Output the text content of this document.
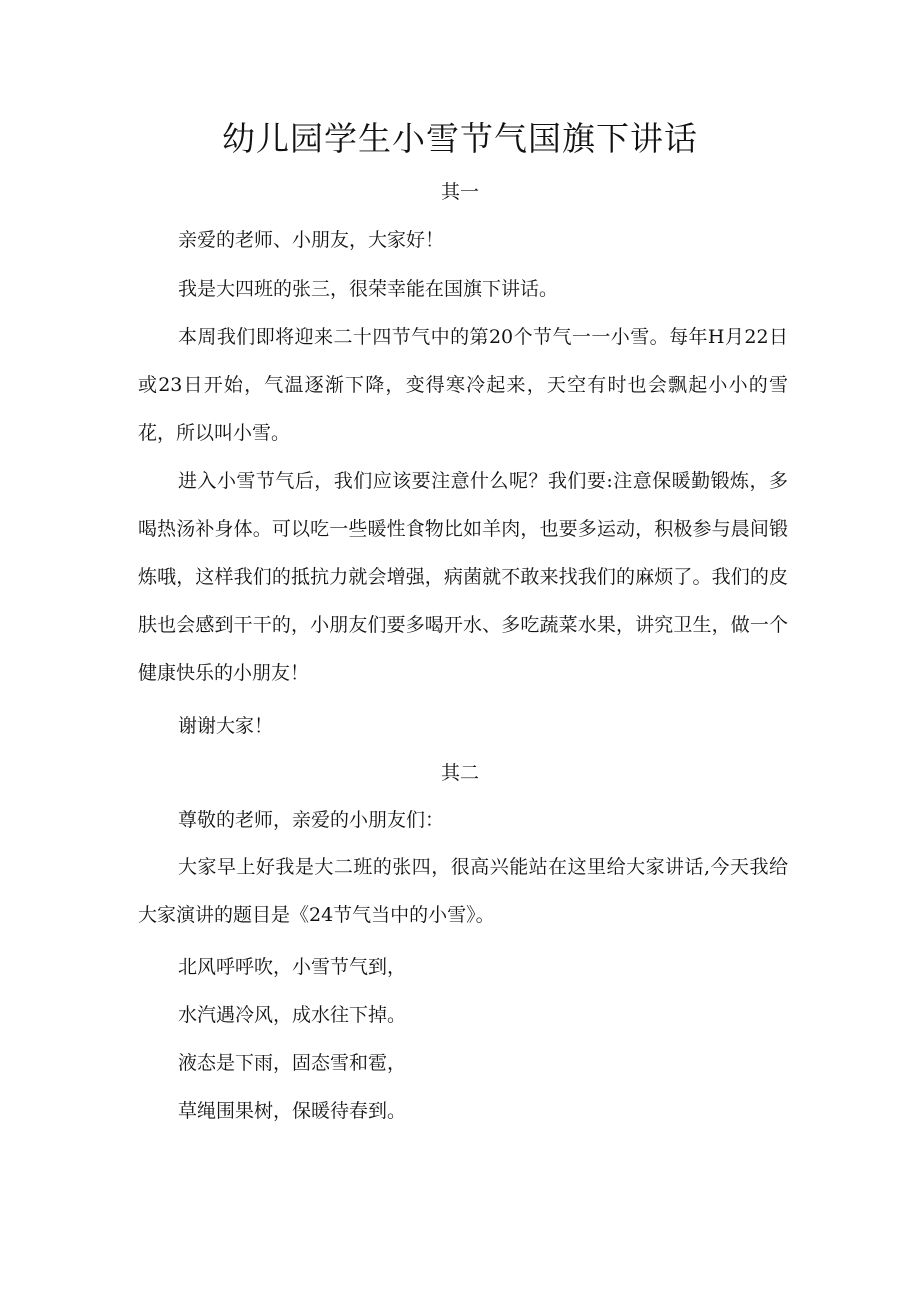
幼儿园学生小雪节气国旗下讲话

其一

亲爱的老师、小朋友，大家好！

我是大四班的张三，很荣幸能在国旗下讲话。

本周我们即将迎来二十四节气中的第20个节气一一小雪。每年H月22日或23日开始，气温逐渐下降，变得寒冷起来，天空有时也会飘起小小的雪花，所以叫小雪。

进入小雪节气后，我们应该要注意什么呢？我们要:注意保暖勤锻炼，多喝热汤补身体。可以吃一些暖性食物比如羊肉，也要多运动，积极参与晨间锻炼哦，这样我们的抵抗力就会增强，病菌就不敢来找我们的麻烦了。我们的皮肤也会感到干干的，小朋友们要多喝开水、多吃蔬菜水果，讲究卫生，做一个健康快乐的小朋友！

谢谢大家！

其二

尊敬的老师，亲爱的小朋友们：

大家早上好我是大二班的张四，很高兴能站在这里给大家讲话,今天我给大家演讲的题目是《24节气当中的小雪》。

北风呼呼吹，小雪节气到，

水汽遇冷风，成水往下掉。

液态是下雨，固态雪和雹，

草绳围果树，保暖待春到。
